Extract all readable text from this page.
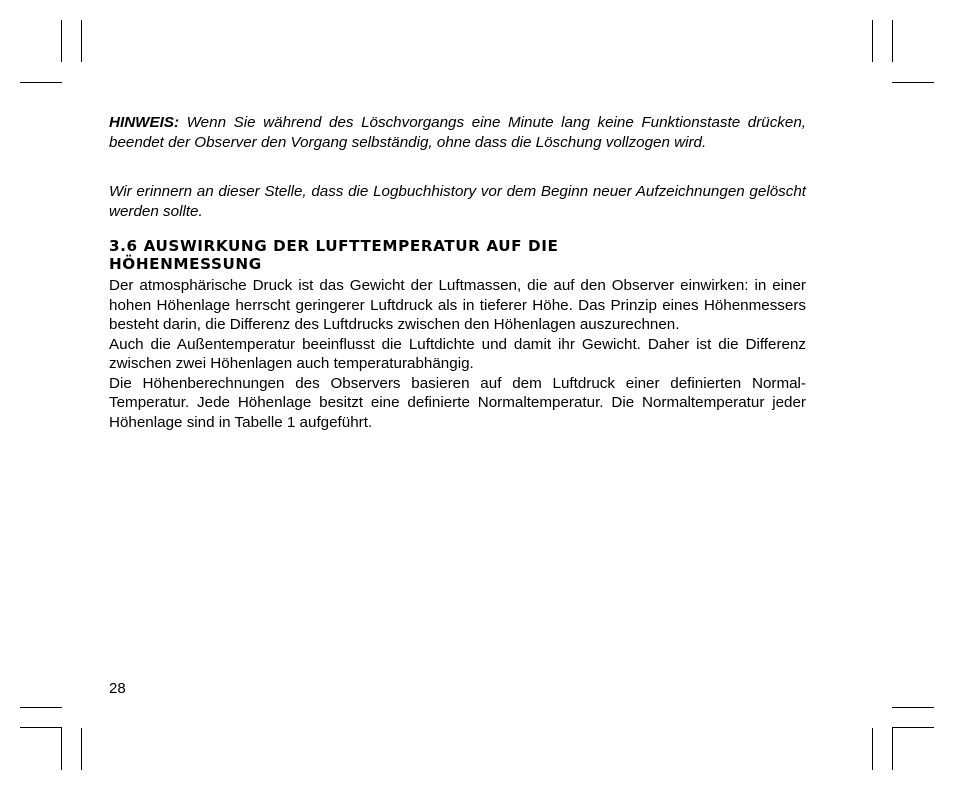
HINWEIS: Wenn Sie während des Löschvorgangs eine Minute lang keine Funktionstaste drücken, beendet der Observer den Vorgang selbständig, ohne dass die Löschung vollzogen wird.

Wir erinnern an dieser Stelle, dass die Logbuchhistory vor dem Beginn neuer Aufzeichnungen gelöscht werden sollte.

3.6 AUSWIRKUNG DER LUFTTEMPERATUR AUF DIE
HÖHENMESSUNG
Der atmosphärische Druck ist das Gewicht der Luftmassen, die auf den Observer einwirken: in einer hohen Höhenlage herrscht geringerer Luftdruck als in tieferer Höhe. Das Prinzip eines Höhenmessers besteht darin, die Differenz des Luftdrucks zwischen den Höhenlagen auszurechnen.
Auch die Außentemperatur beeinflusst die Luftdichte und damit ihr Gewicht. Daher ist die Differenz zwischen zwei Höhenlagen auch temperaturabhängig.
Die Höhenberechnungen des Observers basieren auf dem Luftdruck einer definierten Normal- Temperatur. Jede Höhenlage besitzt eine definierte Normaltemperatur. Die Normaltemperatur jeder Höhenlage sind in Tabelle 1 aufgeführt.
28
